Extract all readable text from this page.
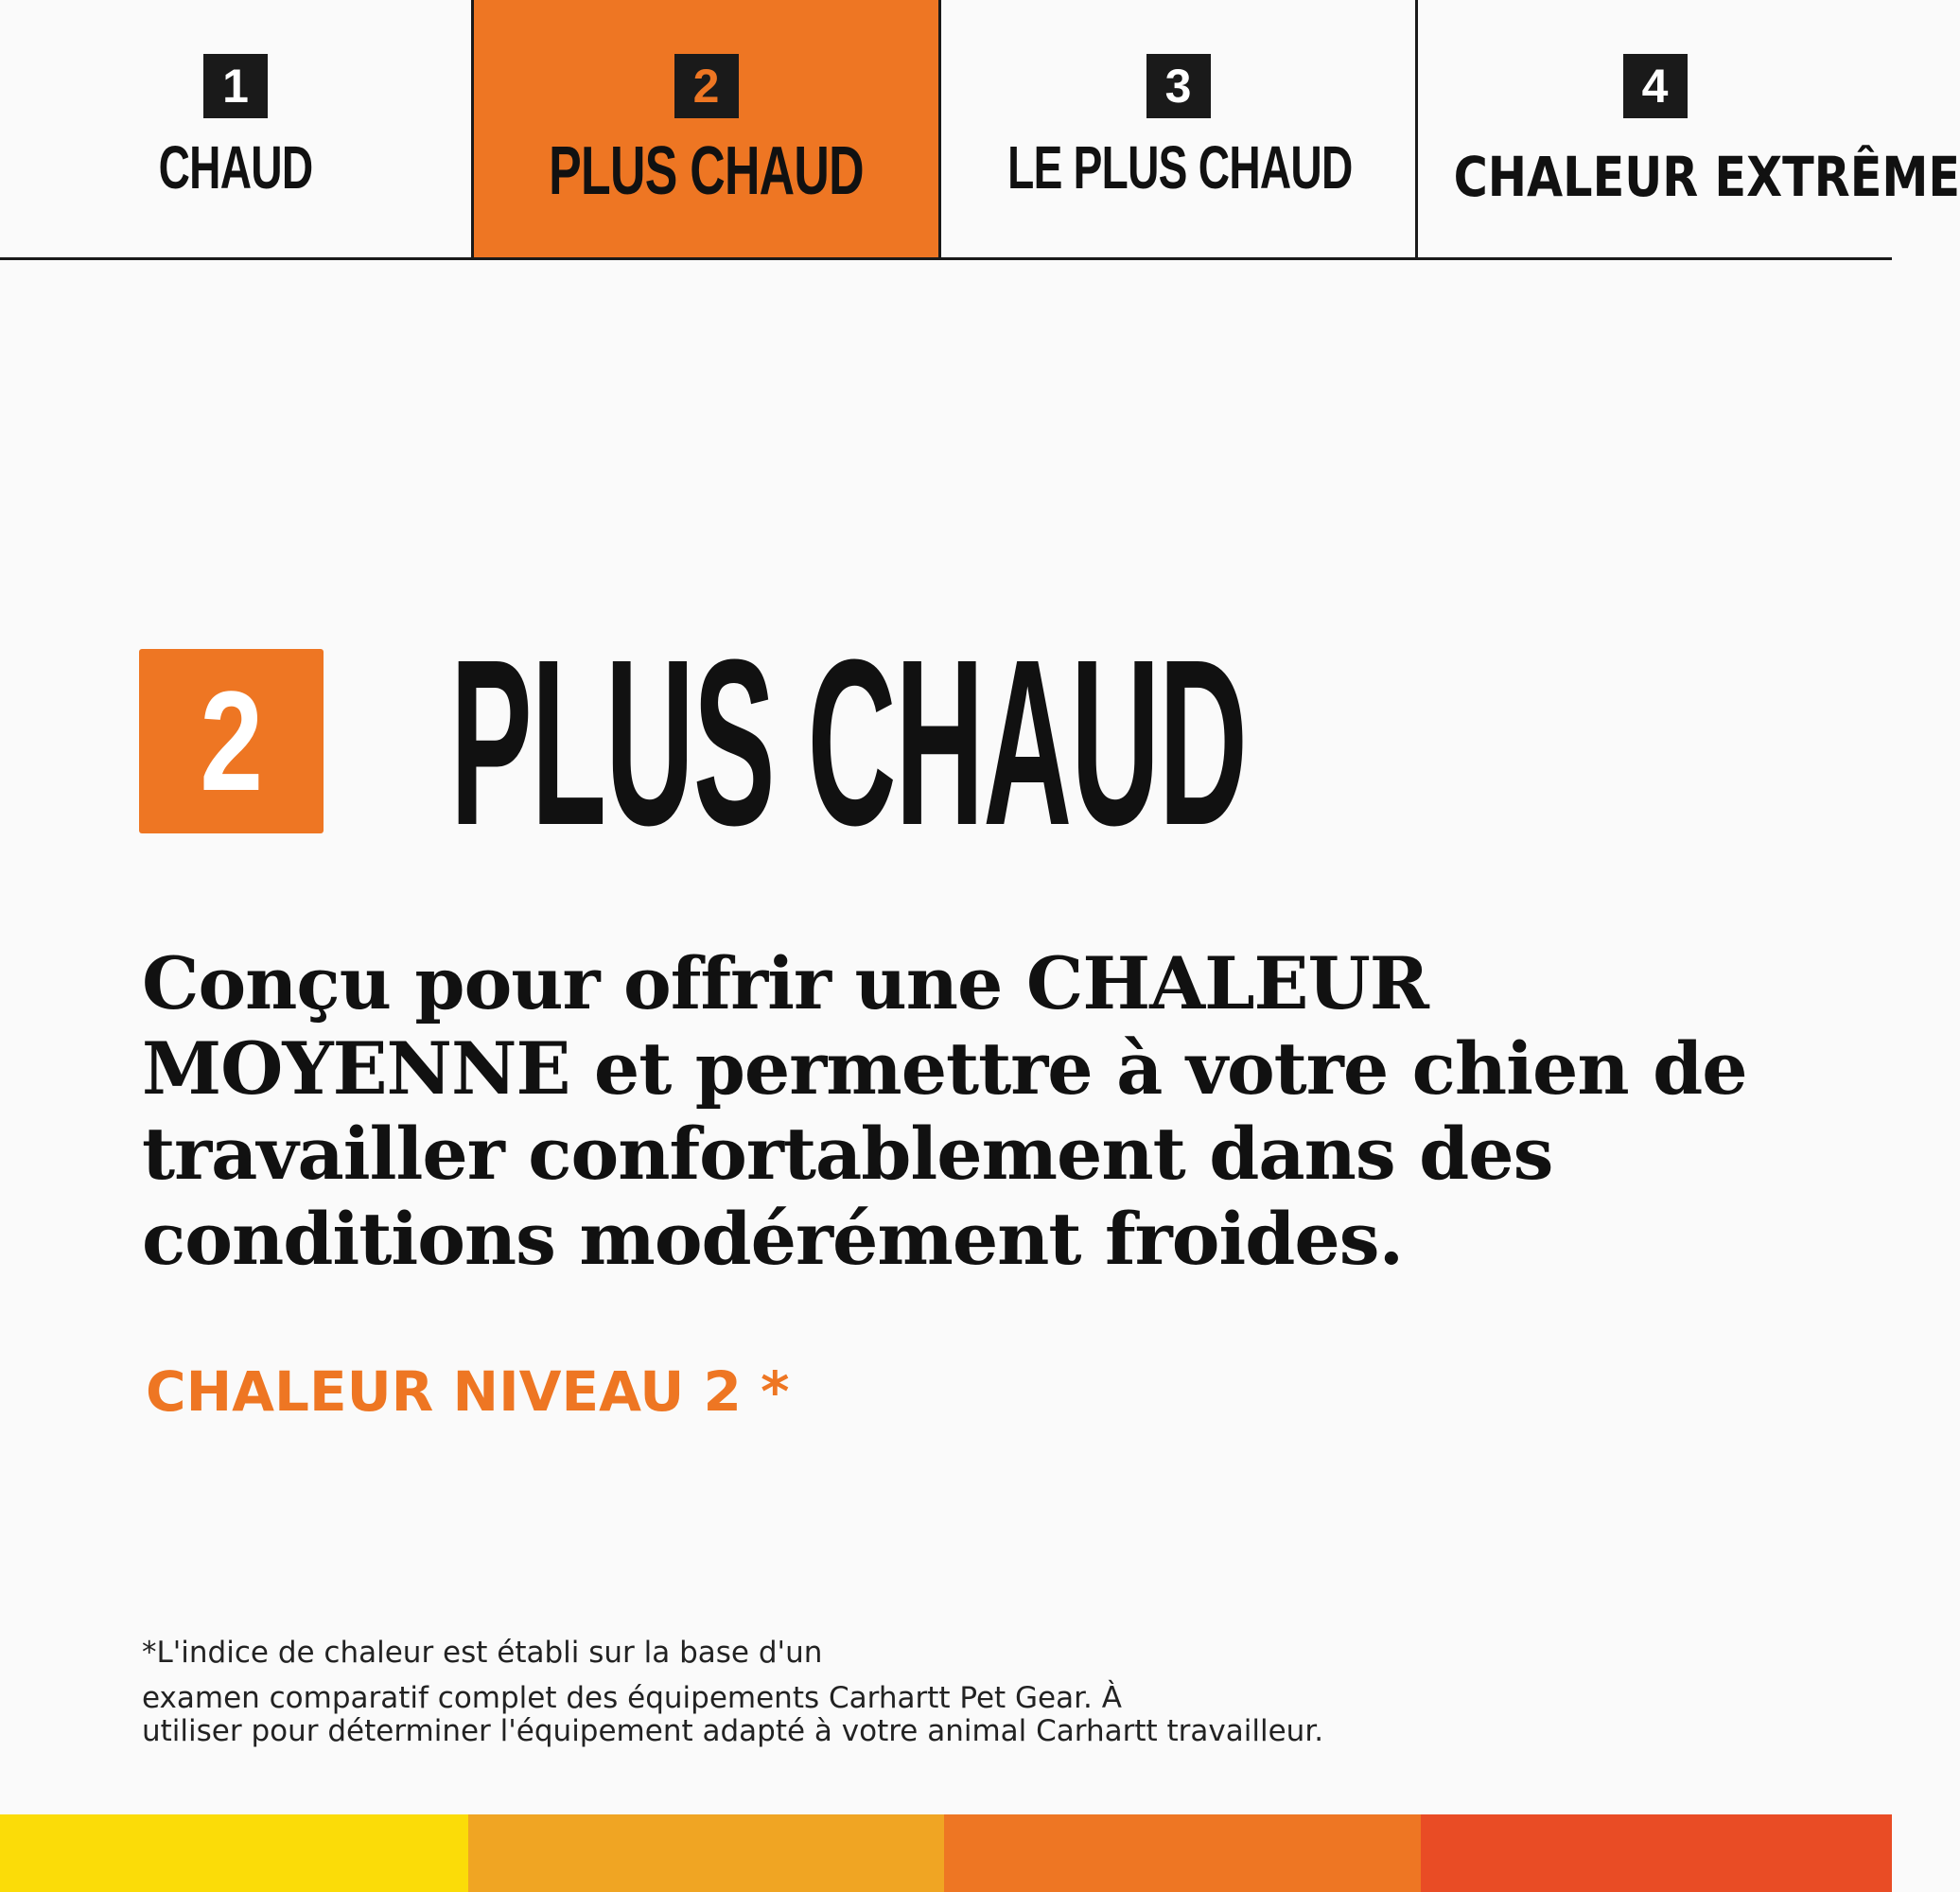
1
CHAUD
2
PLUS CHAUD
3
LE PLUS CHAUD
4
CHALEUR EXTRÊME
2 PLUS CHAUD

Conçu pour offrir une CHALEUR MOYENNE et permettre à votre chien de travailler confortablement dans des conditions modérément froides.

CHALEUR NIVEAU 2 *
*L'indice de chaleur est établi sur la base d'un
examen comparatif complet des équipements Carhartt Pet Gear. À
utiliser pour déterminer l'équipement adapté à votre animal Carhartt travailleur.
